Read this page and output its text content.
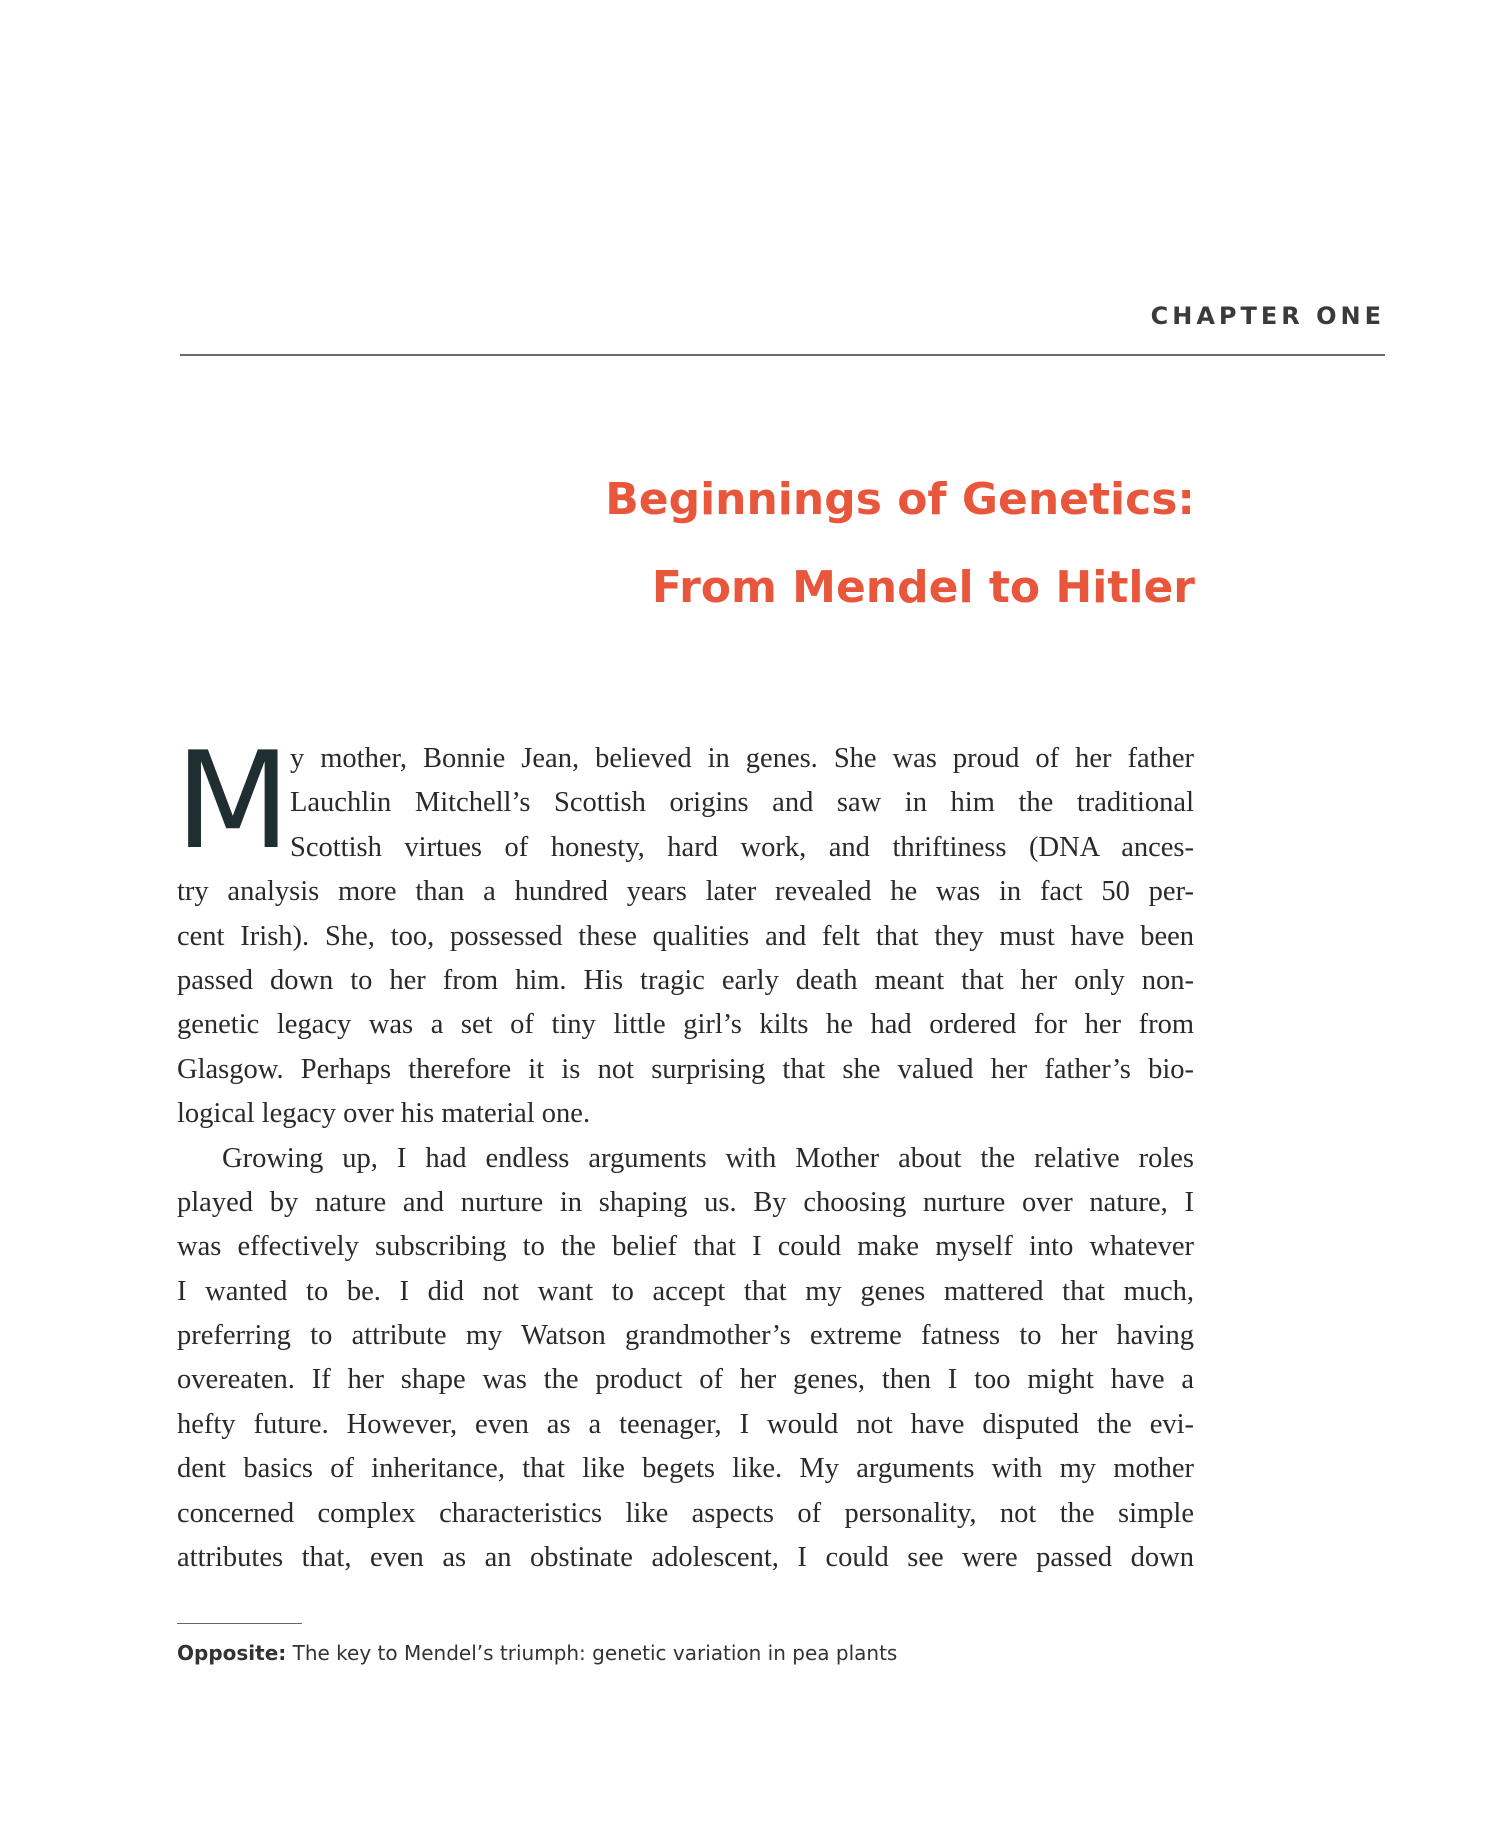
CHAPTER ONE
Beginnings of Genetics:
From Mendel to Hitler
M y mother, Bonnie Jean, believed in genes. She was proud of her father
Lauchlin Mitchell’s Scottish origins and saw in him the traditional
Scottish virtues of honesty, hard work, and thriftiness (DNA ances-
try analysis more than a hundred years later revealed he was in fact 50 per-
cent Irish). She, too, possessed these qualities and felt that they must have been
passed down to her from him. His tragic early death meant that her only non-
genetic legacy was a set of tiny little girl’s kilts he had ordered for her from
Glasgow. Perhaps therefore it is not surprising that she valued her father’s bio-
logical legacy over his material one.
Growing up, I had endless arguments with Mother about the relative roles
played by nature and nurture in shaping us. By choosing nurture over nature, I
was effectively subscribing to the belief that I could make myself into whatever
I wanted to be. I did not want to accept that my genes mattered that much,
preferring to attribute my Watson grandmother’s extreme fatness to her having
overeaten. If her shape was the product of her genes, then I too might have a
hefty future. However, even as a teenager, I would not have disputed the evi-
dent basics of inheritance, that like begets like. My arguments with my mother
concerned complex characteristics like aspects of personality, not the simple
attributes that, even as an obstinate adolescent, I could see were passed down
Opposite: The key to Mendel’s triumph: genetic variation in pea plants
